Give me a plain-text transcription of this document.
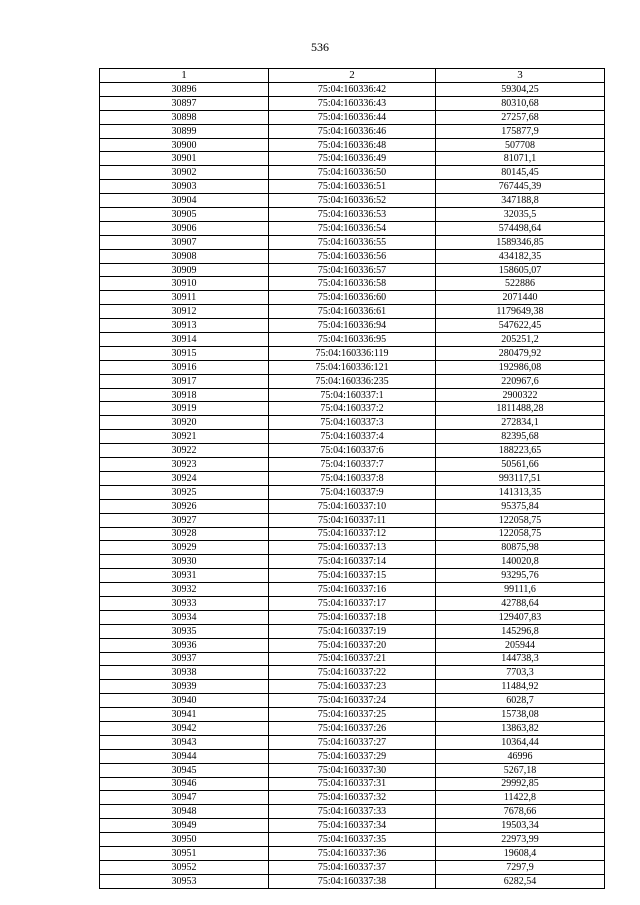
536
1	2	3
30896	75:04:160336:42	59304,25
30897	75:04:160336:43	80310,68
30898	75:04:160336:44	27257,68
30899	75:04:160336:46	175877,9
30900	75:04:160336:48	507708
30901	75:04:160336:49	81071,1
30902	75:04:160336:50	80145,45
30903	75:04:160336:51	767445,39
30904	75:04:160336:52	347188,8
30905	75:04:160336:53	32035,5
30906	75:04:160336:54	574498,64
30907	75:04:160336:55	1589346,85
30908	75:04:160336:56	434182,35
30909	75:04:160336:57	158605,07
30910	75:04:160336:58	522886
30911	75:04:160336:60	2071440
30912	75:04:160336:61	1179649,38
30913	75:04:160336:94	547622,45
30914	75:04:160336:95	205251,2
30915	75:04:160336:119	280479,92
30916	75:04:160336:121	192986,08
30917	75:04:160336:235	220967,6
30918	75:04:160337:1	2900322
30919	75:04:160337:2	1811488,28
30920	75:04:160337:3	272834,1
30921	75:04:160337:4	82395,68
30922	75:04:160337:6	188223,65
30923	75:04:160337:7	50561,66
30924	75:04:160337:8	993117,51
30925	75:04:160337:9	141313,35
30926	75:04:160337:10	95375,84
30927	75:04:160337:11	122058,75
30928	75:04:160337:12	122058,75
30929	75:04:160337:13	80875,98
30930	75:04:160337:14	140020,8
30931	75:04:160337:15	93295,76
30932	75:04:160337:16	99111,6
30933	75:04:160337:17	42788,64
30934	75:04:160337:18	129407,83
30935	75:04:160337:19	145296,8
30936	75:04:160337:20	205944
30937	75:04:160337:21	144738,3
30938	75:04:160337:22	7703,3
30939	75:04:160337:23	11484,92
30940	75:04:160337:24	6028,7
30941	75:04:160337:25	15738,08
30942	75:04:160337:26	13863,82
30943	75:04:160337:27	10364,44
30944	75:04:160337:29	46996
30945	75:04:160337:30	5267,18
30946	75:04:160337:31	29992,85
30947	75:04:160337:32	11422,8
30948	75:04:160337:33	7678,66
30949	75:04:160337:34	19503,34
30950	75:04:160337:35	22973,99
30951	75:04:160337:36	19608,4
30952	75:04:160337:37	7297,9
30953	75:04:160337:38	6282,54
